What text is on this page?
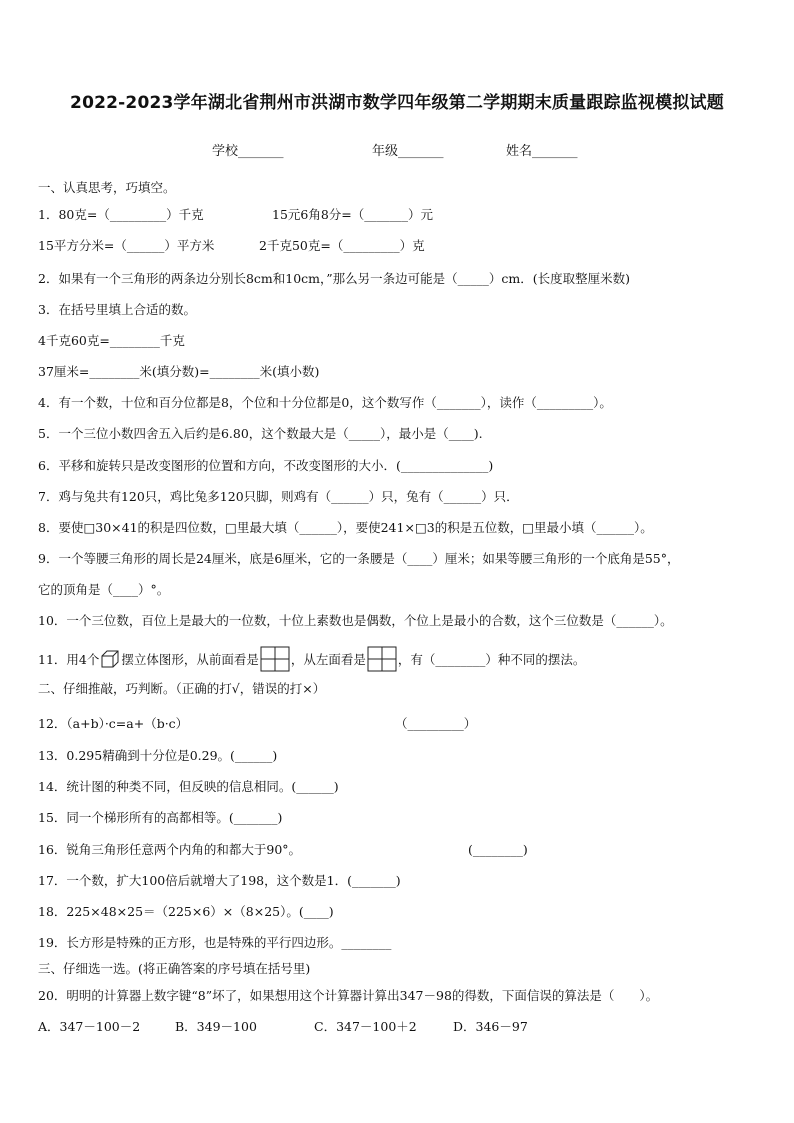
2022-2023学年湖北省荆州市洪湖市数学四年级第二学期期末质量跟踪监视模拟试题
学校_______	年级_______	姓名_______
一、认真思考，巧填空。
1．80克=（_________）千克	15元6角8分=（_______）元
15平方分米=（______）平方米	2千克50克=（_________）克
2．如果有一个三角形的两条边分别长8cm和10cm，”那么另一条边可能是（_____）cm．(长度取整厘米数)
3．在括号里填上合适的数。
4千克60克=________千克
37厘米=________米(填分数)=________米(填小数)
4．有一个数，十位和百分位都是8，个位和十分位都是0，这个数写作（_______），读作（_________）。
5．一个三位小数四舍五入后约是6.80，这个数最大是（_____），最小是（____).
6．平移和旋转只是改变图形的位置和方向，不改变图形的大小．(______________)
7．鸡与兔共有120只，鸡比兔多120只脚，则鸡有（______）只，兔有（______）只．
8．要使□30×41的积是四位数，□里最大填（______），要使241×□3的积是五位数，□里最小填（______）。
9．一个等腰三角形的周长是24厘米，底是6厘米，它的一条腰是（____）厘米；如果等腰三角形的一个底角是55°，
它的顶角是（____）°。
10．一个三位数，百位上是最大的一位数，十位上素数也是偶数，个位上是最小的合数，这个三位数是（______）。
11．用4个 摆立体图形，从前面看是	，从左面看是	，有（________）种不同的摆法。
二、仔细推敲，巧判断。（正确的打√，错误的打×）
12．（a+b）·c=a+（b·c）	（_________）
13．0.295精确到十分位是0.29。(______)
14．统计图的种类不同，但反映的信息相同。(______)
15．同一个梯形所有的高都相等。(_______)
16．锐角三角形任意两个内角的和都大于90°。	(________)
17．一个数，扩大100倍后就增大了198，这个数是1．(_______)
18．225×48×25＝（225×6）×（8×25）。(____)
19．长方形是特殊的正方形，也是特殊的平行四边形。________
三、仔细选一选。(将正确答案的序号填在括号里)
20．明明的计算器上数字键“8”坏了，如果想用这个计算器计算出347－98的得数，下面信误的算法是（　　）。
A．347－100－2	B．349－100	C．347－100＋2	D．346－97
